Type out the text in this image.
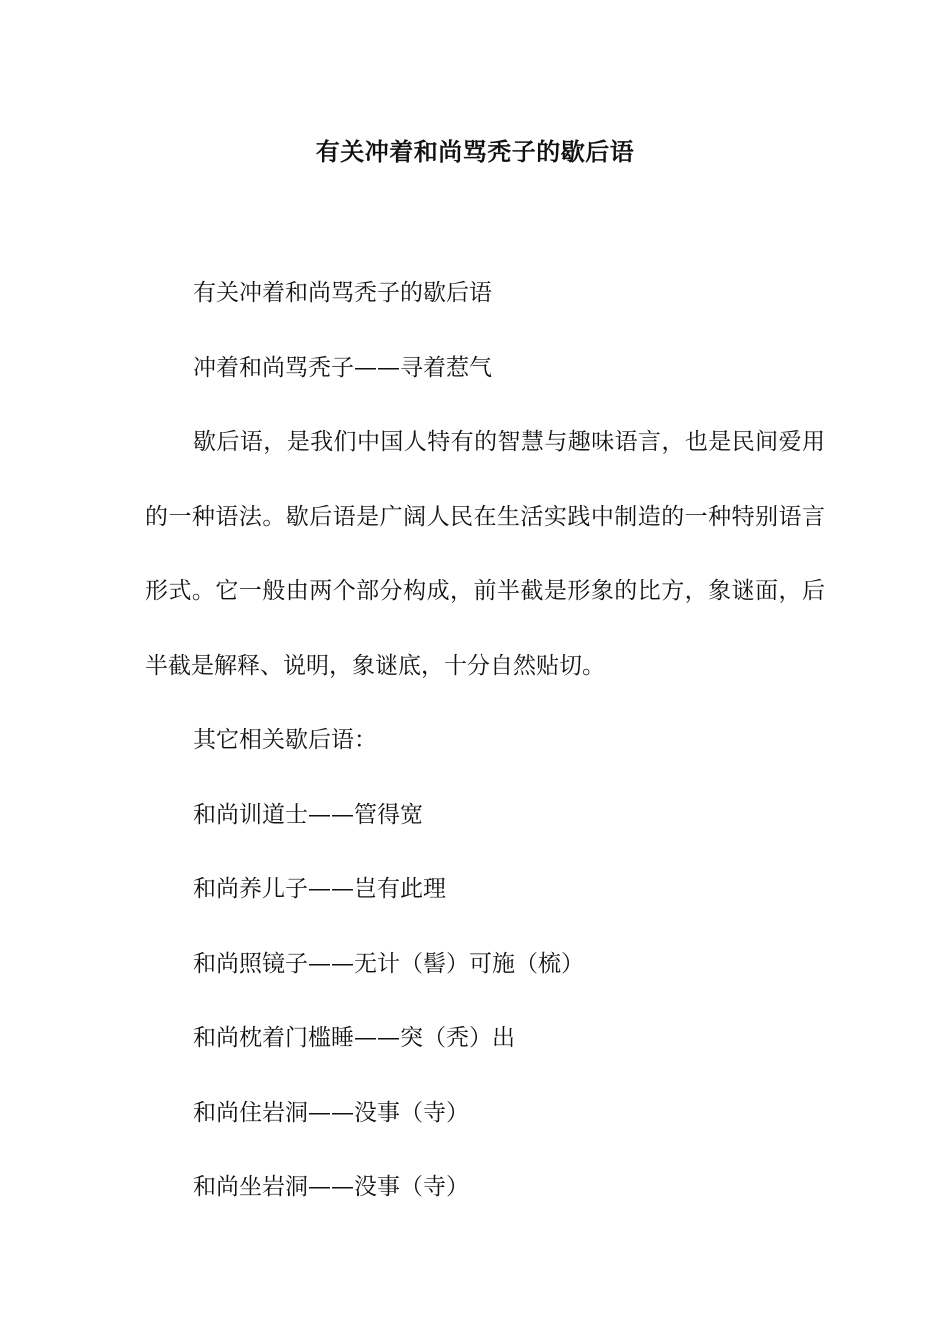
有关冲着和尚骂秃子的歇后语

有关冲着和尚骂秃子的歇后语

冲着和尚骂秃子——寻着惹气

歇后语，是我们中国人特有的智慧与趣味语言，也是民间爱用的一种语法。歇后语是广阔人民在生活实践中制造的一种特别语言形式。它一般由两个部分构成，前半截是形象的比方，象谜面，后半截是解释、说明，象谜底，十分自然贴切。

其它相关歇后语：

和尚训道士——管得宽

和尚养儿子——岂有此理

和尚照镜子——无计（髻）可施（梳）

和尚枕着门槛睡——突（秃）出

和尚住岩洞——没事（寺）

和尚坐岩洞——没事（寺）
